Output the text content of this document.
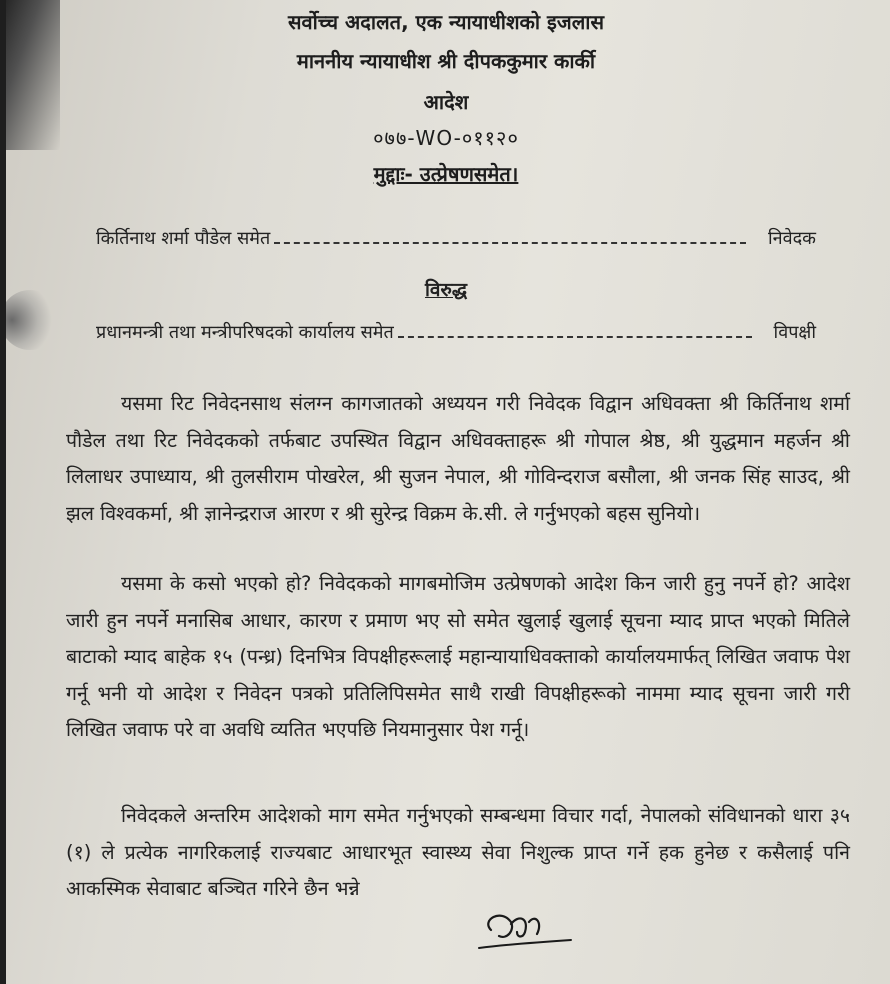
सर्वोच्च अदालत, एक न्यायाधीशको इजलास
माननीय न्यायाधीश श्री दीपककुमार कार्की
आदेश
०७७-WO-०११२०
मुद्दाः- उत्प्रेषणसमेत।
किर्तिनाथ शर्मा पौडेल समेत	निवेदक
विरुद्ध
प्रधानमन्त्री तथा मन्त्रीपरिषदको कार्यालय समेत	विपक्षी
यसमा रिट निवेदनसाथ संलग्न कागजातको अध्ययन गरी निवेदक विद्वान अधिवक्ता श्री किर्तिनाथ शर्मा पौडेल तथा रिट निवेदकको तर्फबाट उपस्थित विद्वान अधिवक्ताहरू श्री गोपाल श्रेष्ठ, श्री युद्धमान महर्जन श्री लिलाधर उपाध्याय, श्री तुलसीराम पोखरेल, श्री सुजन नेपाल, श्री गोविन्दराज बसौला, श्री जनक सिंह साउद, श्री झल विश्वकर्मा, श्री ज्ञानेन्द्रराज आरण र श्री सुरेन्द्र विक्रम के.सी. ले गर्नुभएको बहस सुनियो।
यसमा के कसो भएको हो? निवेदकको मागबमोजिम उत्प्रेषणको आदेश किन जारी हुनु नपर्ने हो? आदेश जारी हुन नपर्ने मनासिब आधार, कारण र प्रमाण भए सो समेत खुलाई खुलाई सूचना म्याद प्राप्त भएको मितिले बाटाको म्याद बाहेक १५ (पन्ध्र) दिनभित्र विपक्षीहरूलाई महान्यायाधिवक्ताको कार्यालयमार्फत् लिखित जवाफ पेश गर्नू भनी यो आदेश र निवेदन पत्रको प्रतिलिपिसमेत साथै राखी विपक्षीहरूको नाममा म्याद सूचना जारी गरी लिखित जवाफ परे वा अवधि व्यतित भएपछि नियमानुसार पेश गर्नू।
निवेदकले अन्तरिम आदेशको माग समेत गर्नुभएको सम्बन्धमा विचार गर्दा, नेपालको संविधानको धारा ३५ (१) ले प्रत्येक नागरिकलाई राज्यबाट आधारभूत स्वास्थ्य सेवा निशुल्क प्राप्त गर्ने हक हुनेछ र कसैलाई पनि आकस्मिक सेवाबाट बञ्चित गरिने छैन भन्ने
